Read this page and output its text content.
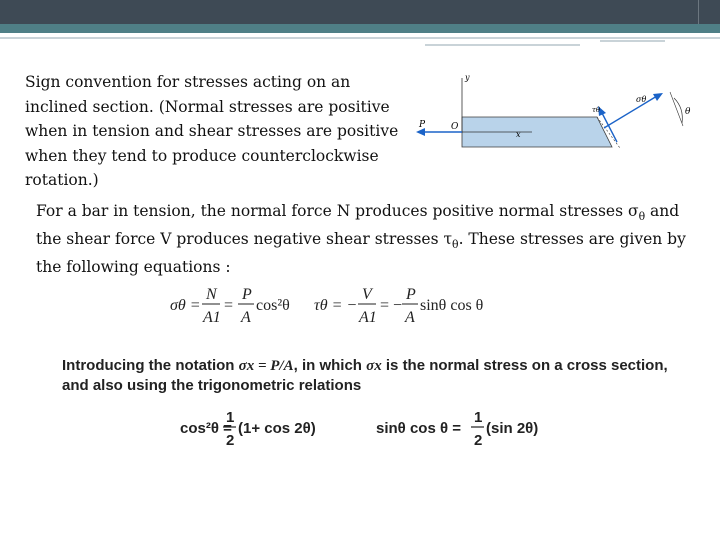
Sign convention for stresses acting on an inclined section. (Normal stresses are positive when in tension and shear stresses are positive when they tend to produce counterclockwise rotation.)
y
x
P	O
σθ
τθ	θ
For a bar in tension, the normal force N produces positive normal stresses $\sigma_\theta$ and the shear force V produces negative shear stresses $\tau_\theta$. These stresses are given by the following equations :
σθ =
N
A1
=
P
A
cos²θ τθ = −
V
A1
= −
P
A
sinθ cos θ
Introducing the notation σx = P/A, in which σx is the normal stress on a cross section, and also using the trigonometric relations
cos²θ =
1
2
(1+ cos 2θ)	sinθ cos θ =
1
2
(sin 2θ)
